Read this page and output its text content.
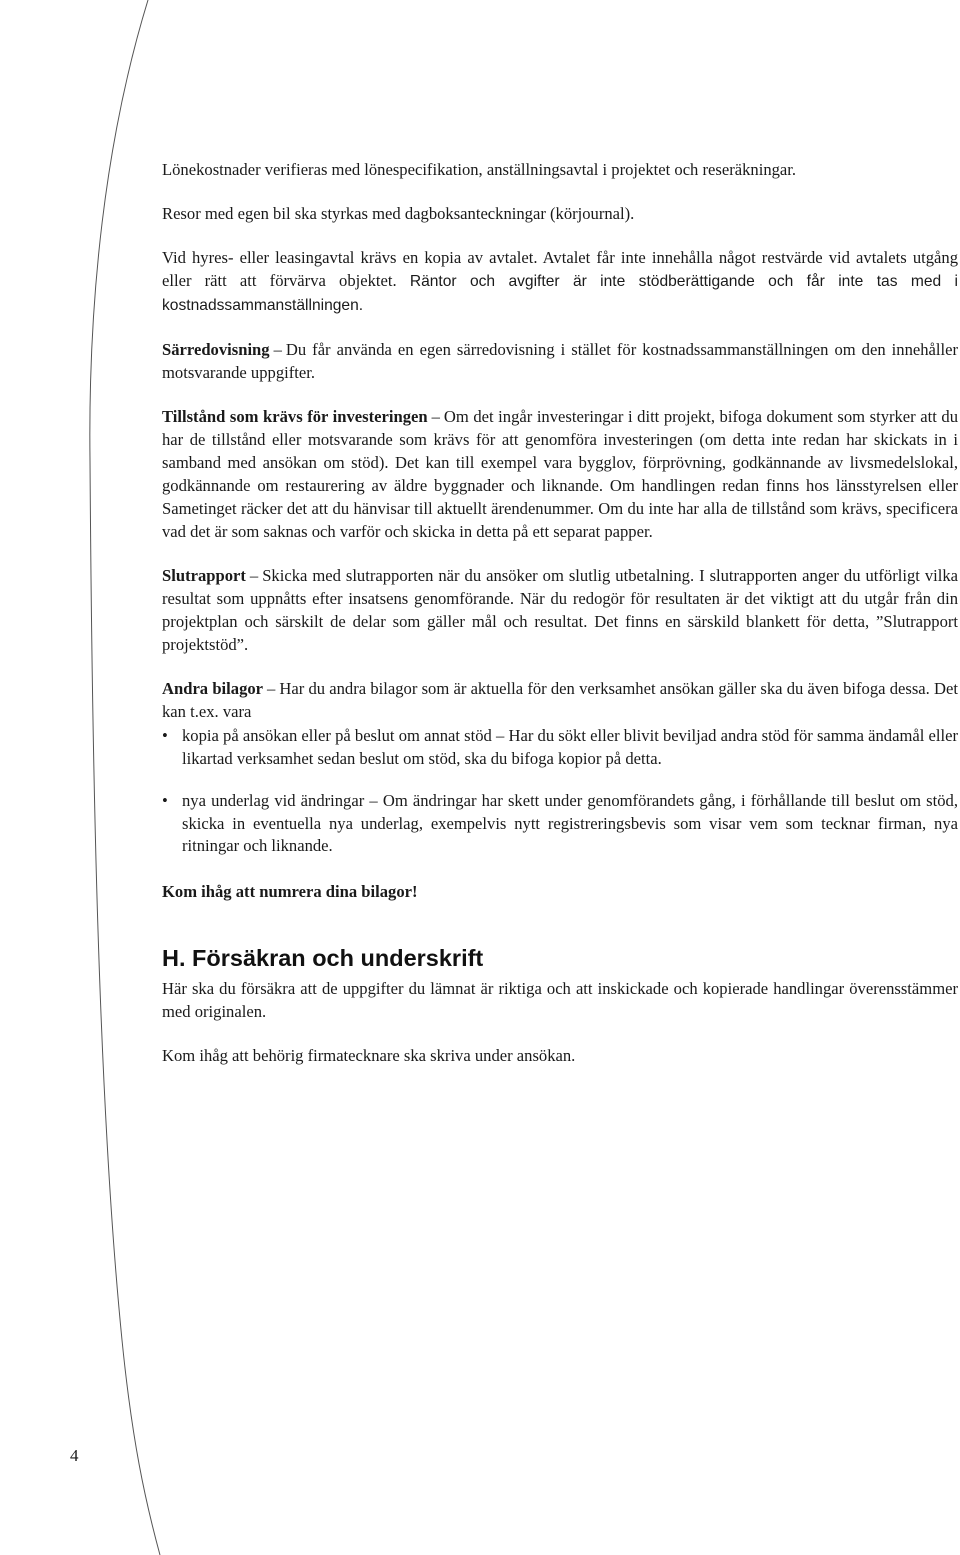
Lönekostnader verifieras med lönespecifikation, anställningsavtal i projektet och reseräkningar.

Resor med egen bil ska styrkas med dagboksanteckningar (körjournal).

Vid hyres- eller leasingavtal krävs en kopia av avtalet. Avtalet får inte innehålla något restvärde vid avtalets utgång eller rätt att förvärva objektet. Räntor och avgifter är inte stödberättigande och får inte tas med i kostnadssammanställningen.

Särredovisning – Du får använda en egen särredovisning i stället för kostnadssammanställningen om den innehåller motsvarande uppgifter.

Tillstånd som krävs för investeringen – Om det ingår investeringar i ditt projekt, bifoga dokument som styrker att du har de tillstånd eller motsvarande som krävs för att genomföra investeringen (om detta inte redan har skickats in i samband med ansökan om stöd). Det kan till exempel vara bygglov, förprövning, godkännande av livsmedelslokal, godkännande om restaurering av äldre byggnader och liknande. Om handlingen redan finns hos länsstyrelsen eller Sametinget räcker det att du hänvisar till aktuellt ärendenummer. Om du inte har alla de tillstånd som krävs, specificera vad det är som saknas och varför och skicka in detta på ett separat papper.

Slutrapport – Skicka med slutrapporten när du ansöker om slutlig utbetalning. I slutrapporten anger du utförligt vilka resultat som uppnåtts efter insatsens genomförande. När du redogör för resultaten är det viktigt att du utgår från din projektplan och särskilt de delar som gäller mål och resultat. Det finns en särskild blankett för detta, ”Slutrapport projektstöd”.

Andra bilagor – Har du andra bilagor som är aktuella för den verksamhet ansökan gäller ska du även bifoga dessa. Det kan t.ex. vara

• kopia på ansökan eller på beslut om annat stöd – Har du sökt eller blivit beviljad andra stöd för samma ändamål eller likartad verksamhet sedan beslut om stöd, ska du bifoga kopior på detta.
• nya underlag vid ändringar – Om ändringar har skett under genomförandets gång, i förhållande till beslut om stöd, skicka in eventuella nya underlag, exempelvis nytt registreringsbevis som visar vem som tecknar firman, nya ritningar och liknande.

Kom ihåg att numrera dina bilagor!

H. Försäkran och underskrift

Här ska du försäkra att de uppgifter du lämnat är riktiga och att inskickade och kopierade handlingar överensstämmer med originalen.

Kom ihåg att behörig firmatecknare ska skriva under ansökan.

4
